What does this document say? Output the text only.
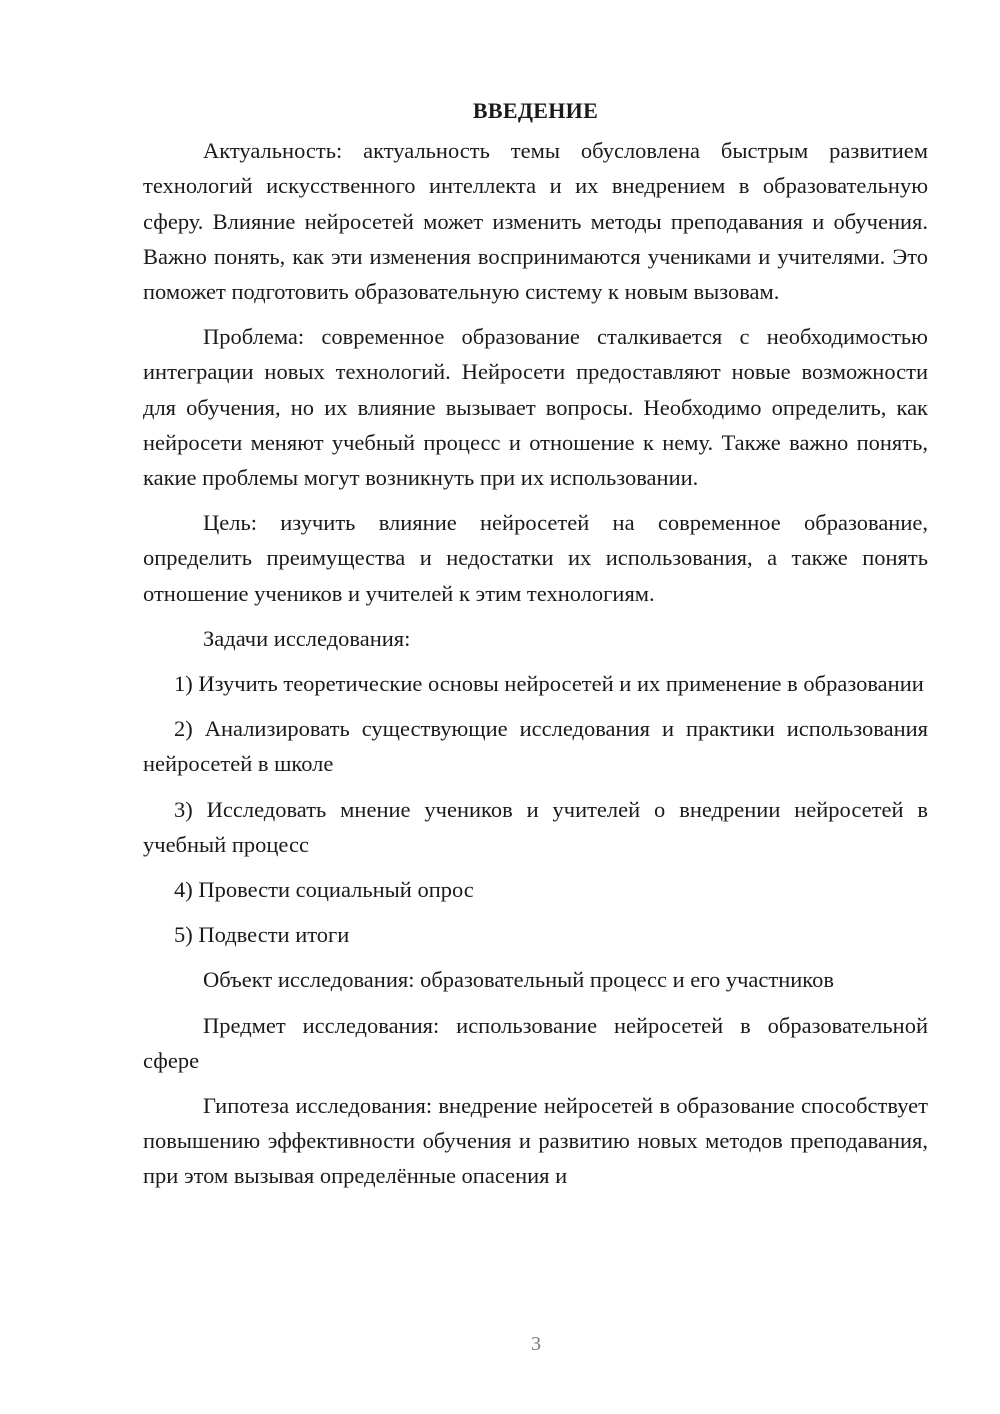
ВВЕДЕНИЕ

Актуальность: актуальность темы обусловлена быстрым развитием технологий искусственного интеллекта и их внедрением в образовательную сферу. Влияние нейросетей может изменить методы преподавания и обучения. Важно понять, как эти изменения воспринимаются учениками и учителями. Это поможет подготовить образовательную систему к новым вызовам.

Проблема: современное образование сталкивается с необходимостью интеграции новых технологий. Нейросети предоставляют новые возможности для обучения, но их влияние вызывает вопросы. Необходимо определить, как нейросети меняют учебный процесс и отношение к нему. Также важно понять, какие проблемы могут возникнуть при их использовании.

Цель: изучить влияние нейросетей на современное образование, определить преимущества и недостатки их использования, а также понять отношение учеников и учителей к этим технологиям.

Задачи исследования:

1) Изучить теоретические основы нейросетей и их применение в образовании

2) Анализировать существующие исследования и практики использования нейросетей в школе

3) Исследовать мнение учеников и учителей о внедрении нейросетей в учебный процесс

4) Провести социальный опрос

5) Подвести итоги

Объект исследования: образовательный процесс и его участников

Предмет исследования: использование нейросетей в образовательной сфере

Гипотеза исследования: внедрение нейросетей в образование способствует повышению эффективности обучения и развитию новых методов преподавания, при этом вызывая определённые опасения и

3
